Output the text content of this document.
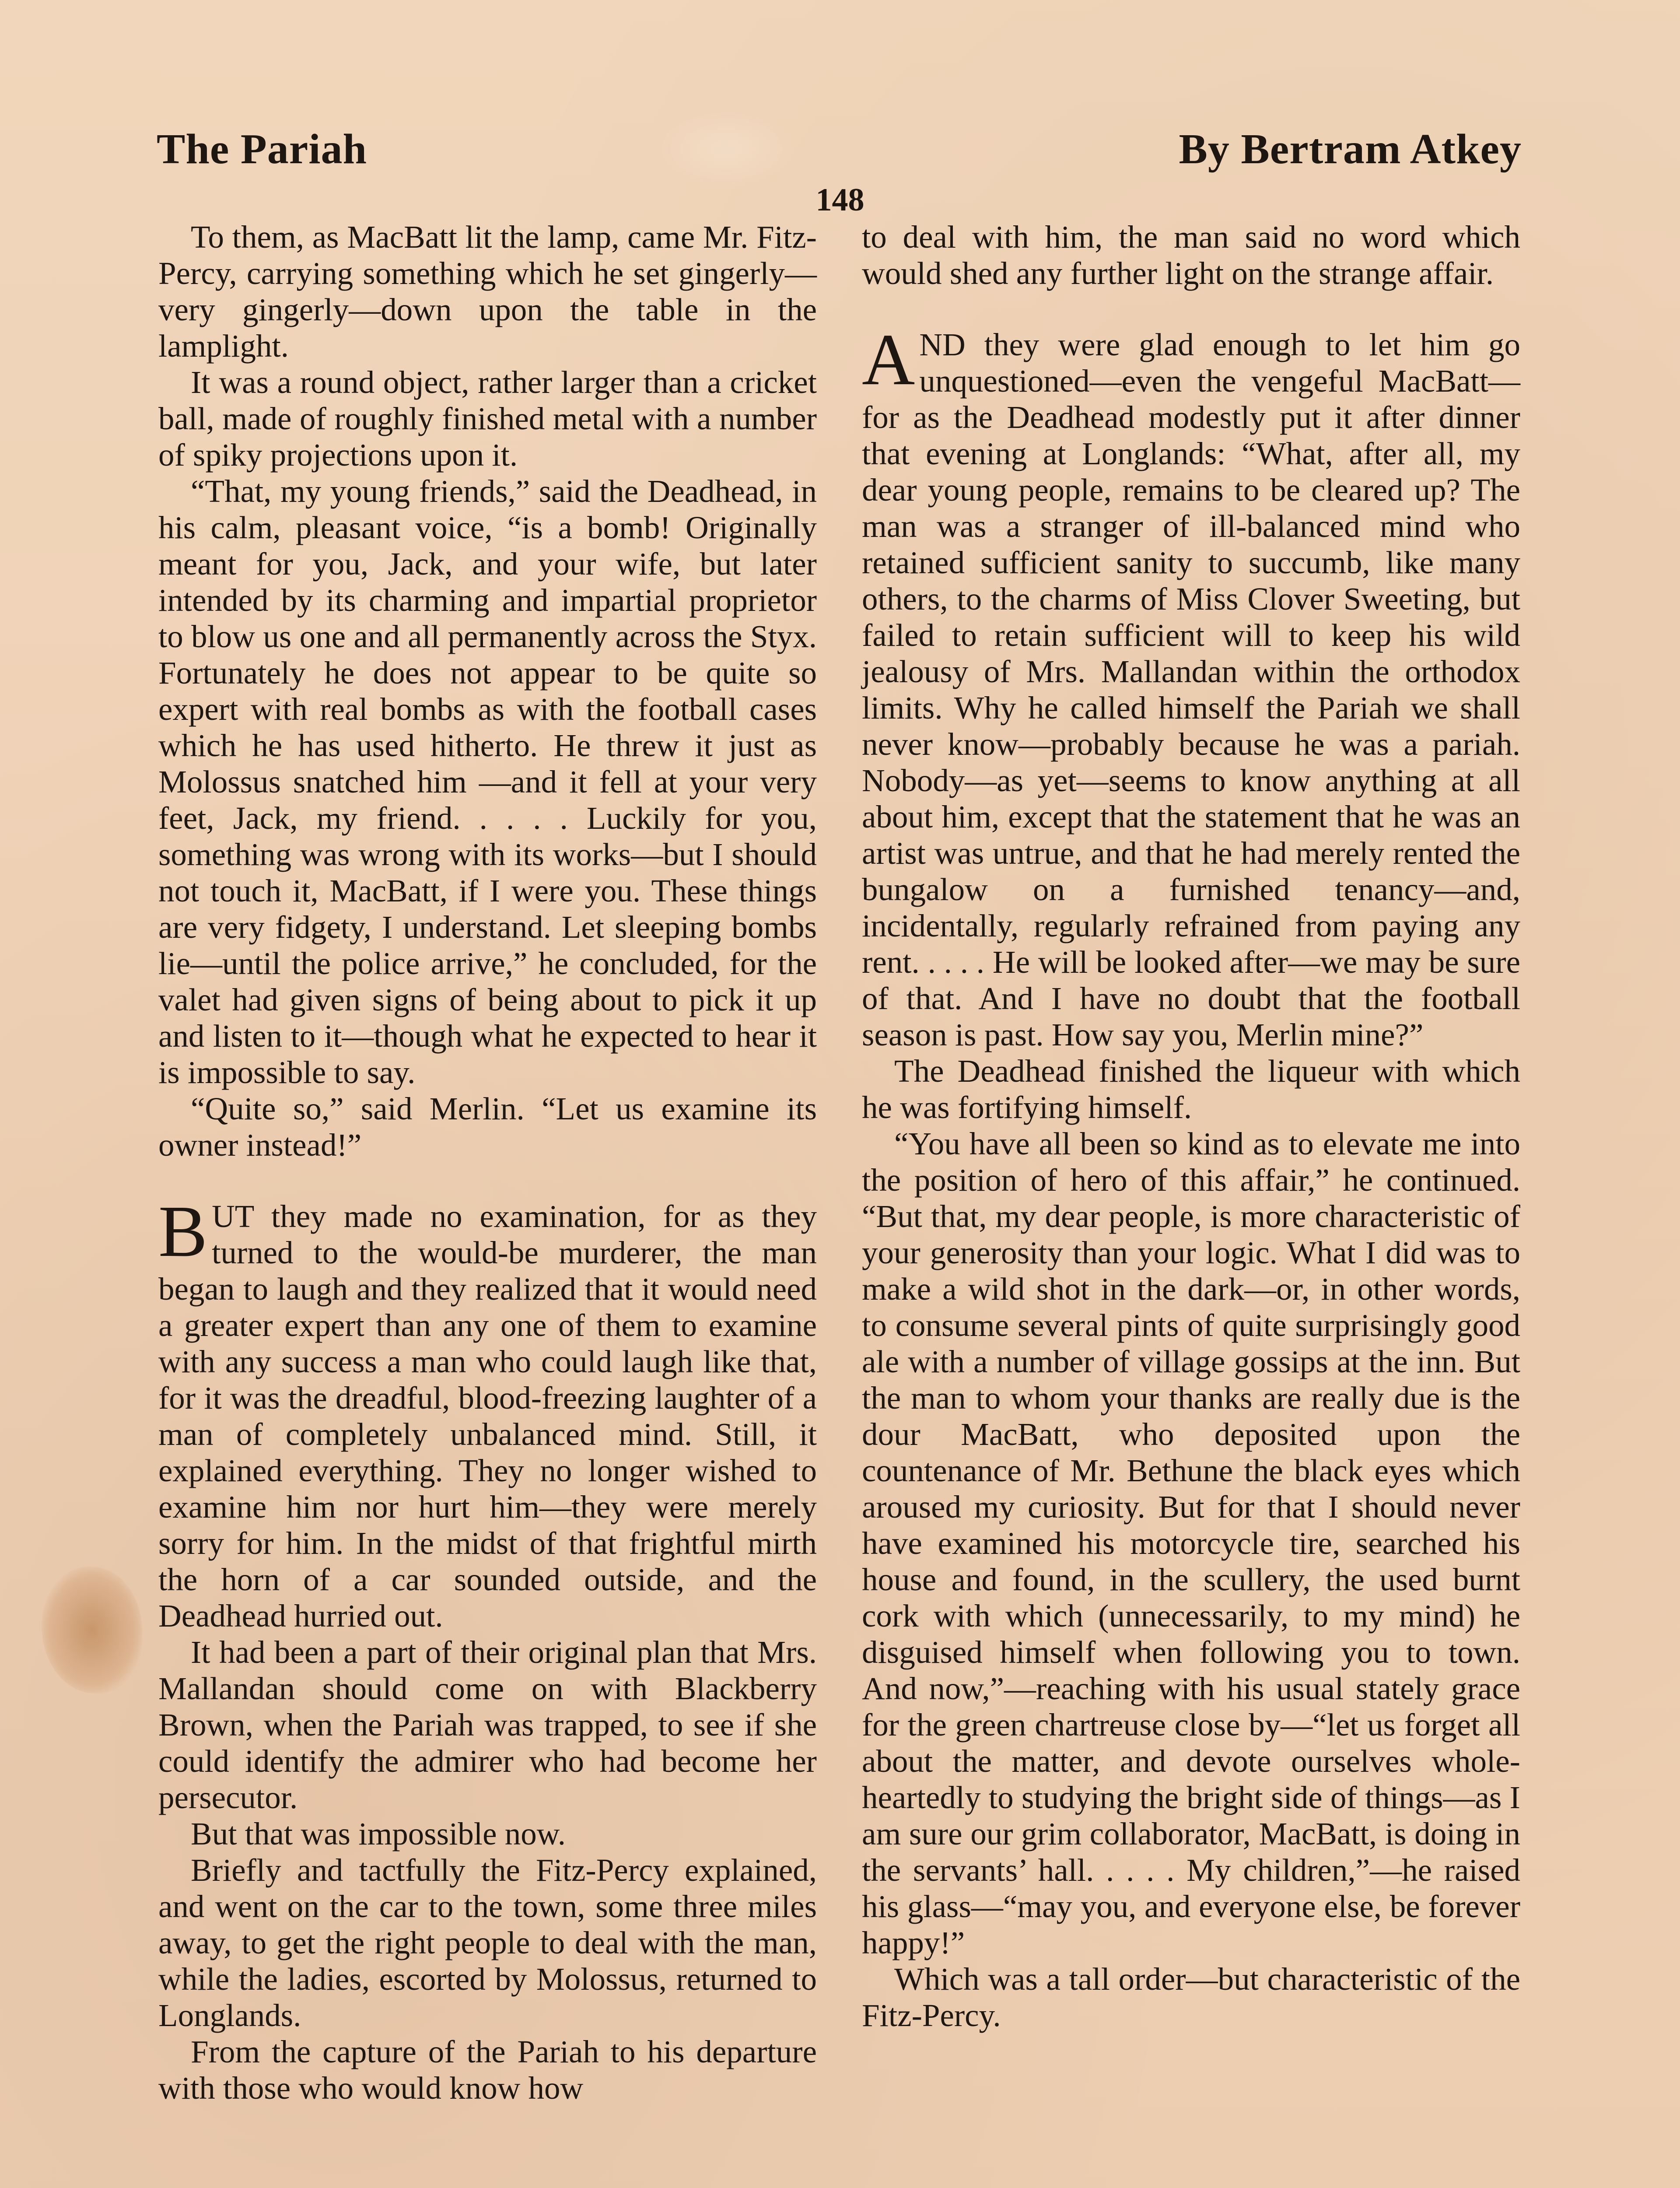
The Pariah	By Bertram Atkey
148

To them, as MacBatt lit the lamp, came Mr. Fitz-Percy, carrying something which he set gingerly—very gingerly—down upon the table in the lamplight.

It was a round object, rather larger than a cricket ball, made of roughly finished metal with a number of spiky projections upon it.

“That, my young friends,” said the Deadhead, in his calm, pleasant voice, “is a bomb! Originally meant for you, Jack, and your wife, but later intended by its charming and impartial proprietor to blow us one and all permanently across the Styx. Fortunately he does not appear to be quite so expert with real bombs as with the football cases which he has used hitherto. He threw it just as Molossus snatched him —and it fell at your very feet, Jack, my friend. . . . . Luckily for you, something was wrong with its works—but I should not touch it, MacBatt, if I were you. These things are very fidgety, I understand. Let sleeping bombs lie—until the police arrive,” he concluded, for the valet had given signs of being about to pick it up and listen to it—though what he expected to hear it is impossible to say.

“Quite so,” said Merlin. “Let us examine its owner instead!”

BUT they made no examination, for as they turned to the would-be murderer, the man began to laugh and they realized that it would need a greater expert than any one of them to examine with any success a man who could laugh like that, for it was the dreadful, blood-freezing laughter of a man of completely unbalanced mind. Still, it explained everything. They no longer wished to examine him nor hurt him—they were merely sorry for him. In the midst of that frightful mirth the horn of a car sounded outside, and the Deadhead hurried out.

It had been a part of their original plan that Mrs. Mallandan should come on with Blackberry Brown, when the Pariah was trapped, to see if she could identify the admirer who had become her persecutor.

But that was impossible now.

Briefly and tactfully the Fitz-Percy explained, and went on the car to the town, some three miles away, to get the right people to deal with the man, while the ladies, escorted by Molossus, returned to Longlands.

From the capture of the Pariah to his departure with those who would know how

to deal with him, the man said no word which would shed any further light on the strange affair.

AND they were glad enough to let him go unquestioned—even the vengeful MacBatt—for as the Deadhead modestly put it after dinner that evening at Longlands: “What, after all, my dear young people, remains to be cleared up? The man was a stranger of ill-balanced mind who retained sufficient sanity to succumb, like many others, to the charms of Miss Clover Sweeting, but failed to retain sufficient will to keep his wild jealousy of Mrs. Mallandan within the orthodox limits. Why he called himself the Pariah we shall never know—probably because he was a pariah. Nobody—as yet—seems to know anything at all about him, except that the statement that he was an artist was untrue, and that he had merely rented the bungalow on a furnished tenancy—and, incidentally, regularly refrained from paying any rent. . . . . He will be looked after—we may be sure of that. And I have no doubt that the football season is past. How say you, Merlin mine?”

The Deadhead finished the liqueur with which he was fortifying himself.

“You have all been so kind as to elevate me into the position of hero of this affair,” he continued. “But that, my dear people, is more characteristic of your generosity than your logic. What I did was to make a wild shot in the dark—or, in other words, to consume several pints of quite surprisingly good ale with a number of village gossips at the inn. But the man to whom your thanks are really due is the dour MacBatt, who deposited upon the countenance of Mr. Bethune the black eyes which aroused my curiosity. But for that I should never have examined his motorcycle tire, searched his house and found, in the scullery, the used burnt cork with which (unnecessarily, to my mind) he disguised himself when following you to town. And now,”—reaching with his usual stately grace for the green chartreuse close by—“let us forget all about the matter, and devote ourselves whole-heartedly to studying the bright side of things—as I am sure our grim collaborator, MacBatt, is doing in the servants’ hall. . . . . My children,”—he raised his glass—“may you, and everyone else, be forever happy!”

Which was a tall order—but characteristic of the Fitz-Percy.
